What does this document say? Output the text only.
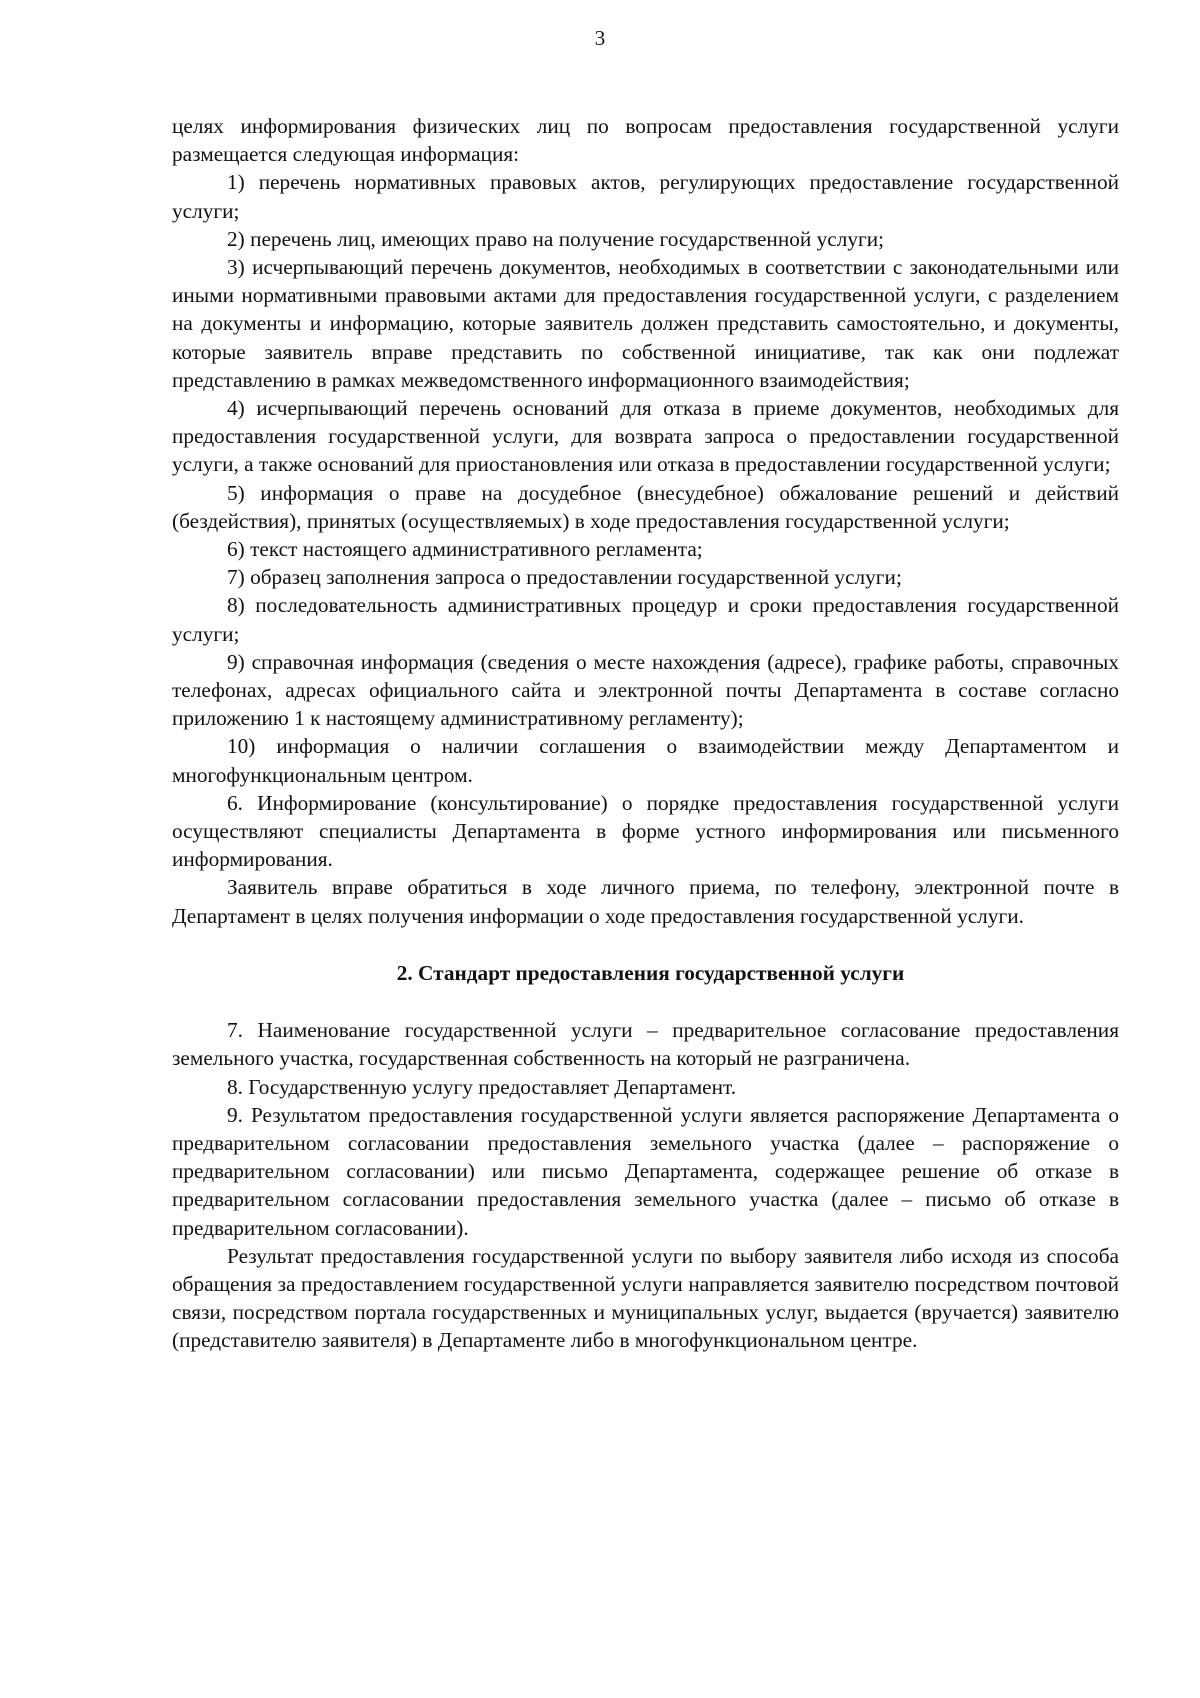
3

целях информирования физических лиц по вопросам предоставления государственной услуги размещается следующая информация:

1) перечень нормативных правовых актов, регулирующих предоставление государственной услуги;

2) перечень лиц, имеющих право на получение государственной услуги;

3) исчерпывающий перечень документов, необходимых в соответствии с законодательными или иными нормативными правовыми актами для предоставления государственной услуги, с разделением на документы и информацию, которые заявитель должен представить самостоятельно, и документы, которые заявитель вправе представить по собственной инициативе, так как они подлежат представлению в рамках межведомственного информационного взаимодействия;

4) исчерпывающий перечень оснований для отказа в приеме документов, необходимых для предоставления государственной услуги, для возврата запроса о предоставлении государственной услуги, а также оснований для приостановления или отказа в предоставлении государственной услуги;

5) информация о праве на досудебное (внесудебное) обжалование решений и действий (бездействия), принятых (осуществляемых) в ходе предоставления государственной услуги;

6) текст настоящего административного регламента;

7) образец заполнения запроса о предоставлении государственной услуги;

8) последовательность административных процедур и сроки предоставления государственной услуги;

9) справочная информация (сведения о месте нахождения (адресе), графике работы, справочных телефонах, адресах официального сайта и электронной почты Департамента в составе согласно приложению 1 к настоящему административному регламенту);

10) информация о наличии соглашения о взаимодействии между Департаментом и многофункциональным центром.

6. Информирование (консультирование) о порядке предоставления государственной услуги осуществляют специалисты Департамента в форме устного информирования или письменного информирования.

Заявитель вправе обратиться в ходе личного приема, по телефону, электронной почте в Департамент в целях получения информации о ходе предоставления государственной услуги.

2. Стандарт предоставления государственной услуги

7. Наименование государственной услуги – предварительное согласование предоставления земельного участка, государственная собственность на который не разграничена.

8. Государственную услугу предоставляет Департамент.

9. Результатом предоставления государственной услуги является распоряжение Департамента о предварительном согласовании предоставления земельного участка (далее – распоряжение о предварительном согласовании) или письмо Департамента, содержащее решение об отказе в предварительном согласовании предоставления земельного участка (далее – письмо об отказе в предварительном согласовании).

Результат предоставления государственной услуги по выбору заявителя либо исходя из способа обращения за предоставлением государственной услуги направляется заявителю посредством почтовой связи, посредством портала государственных и муниципальных услуг, выдается (вручается) заявителю (представителю заявителя) в Департаменте либо в многофункциональном центре.
